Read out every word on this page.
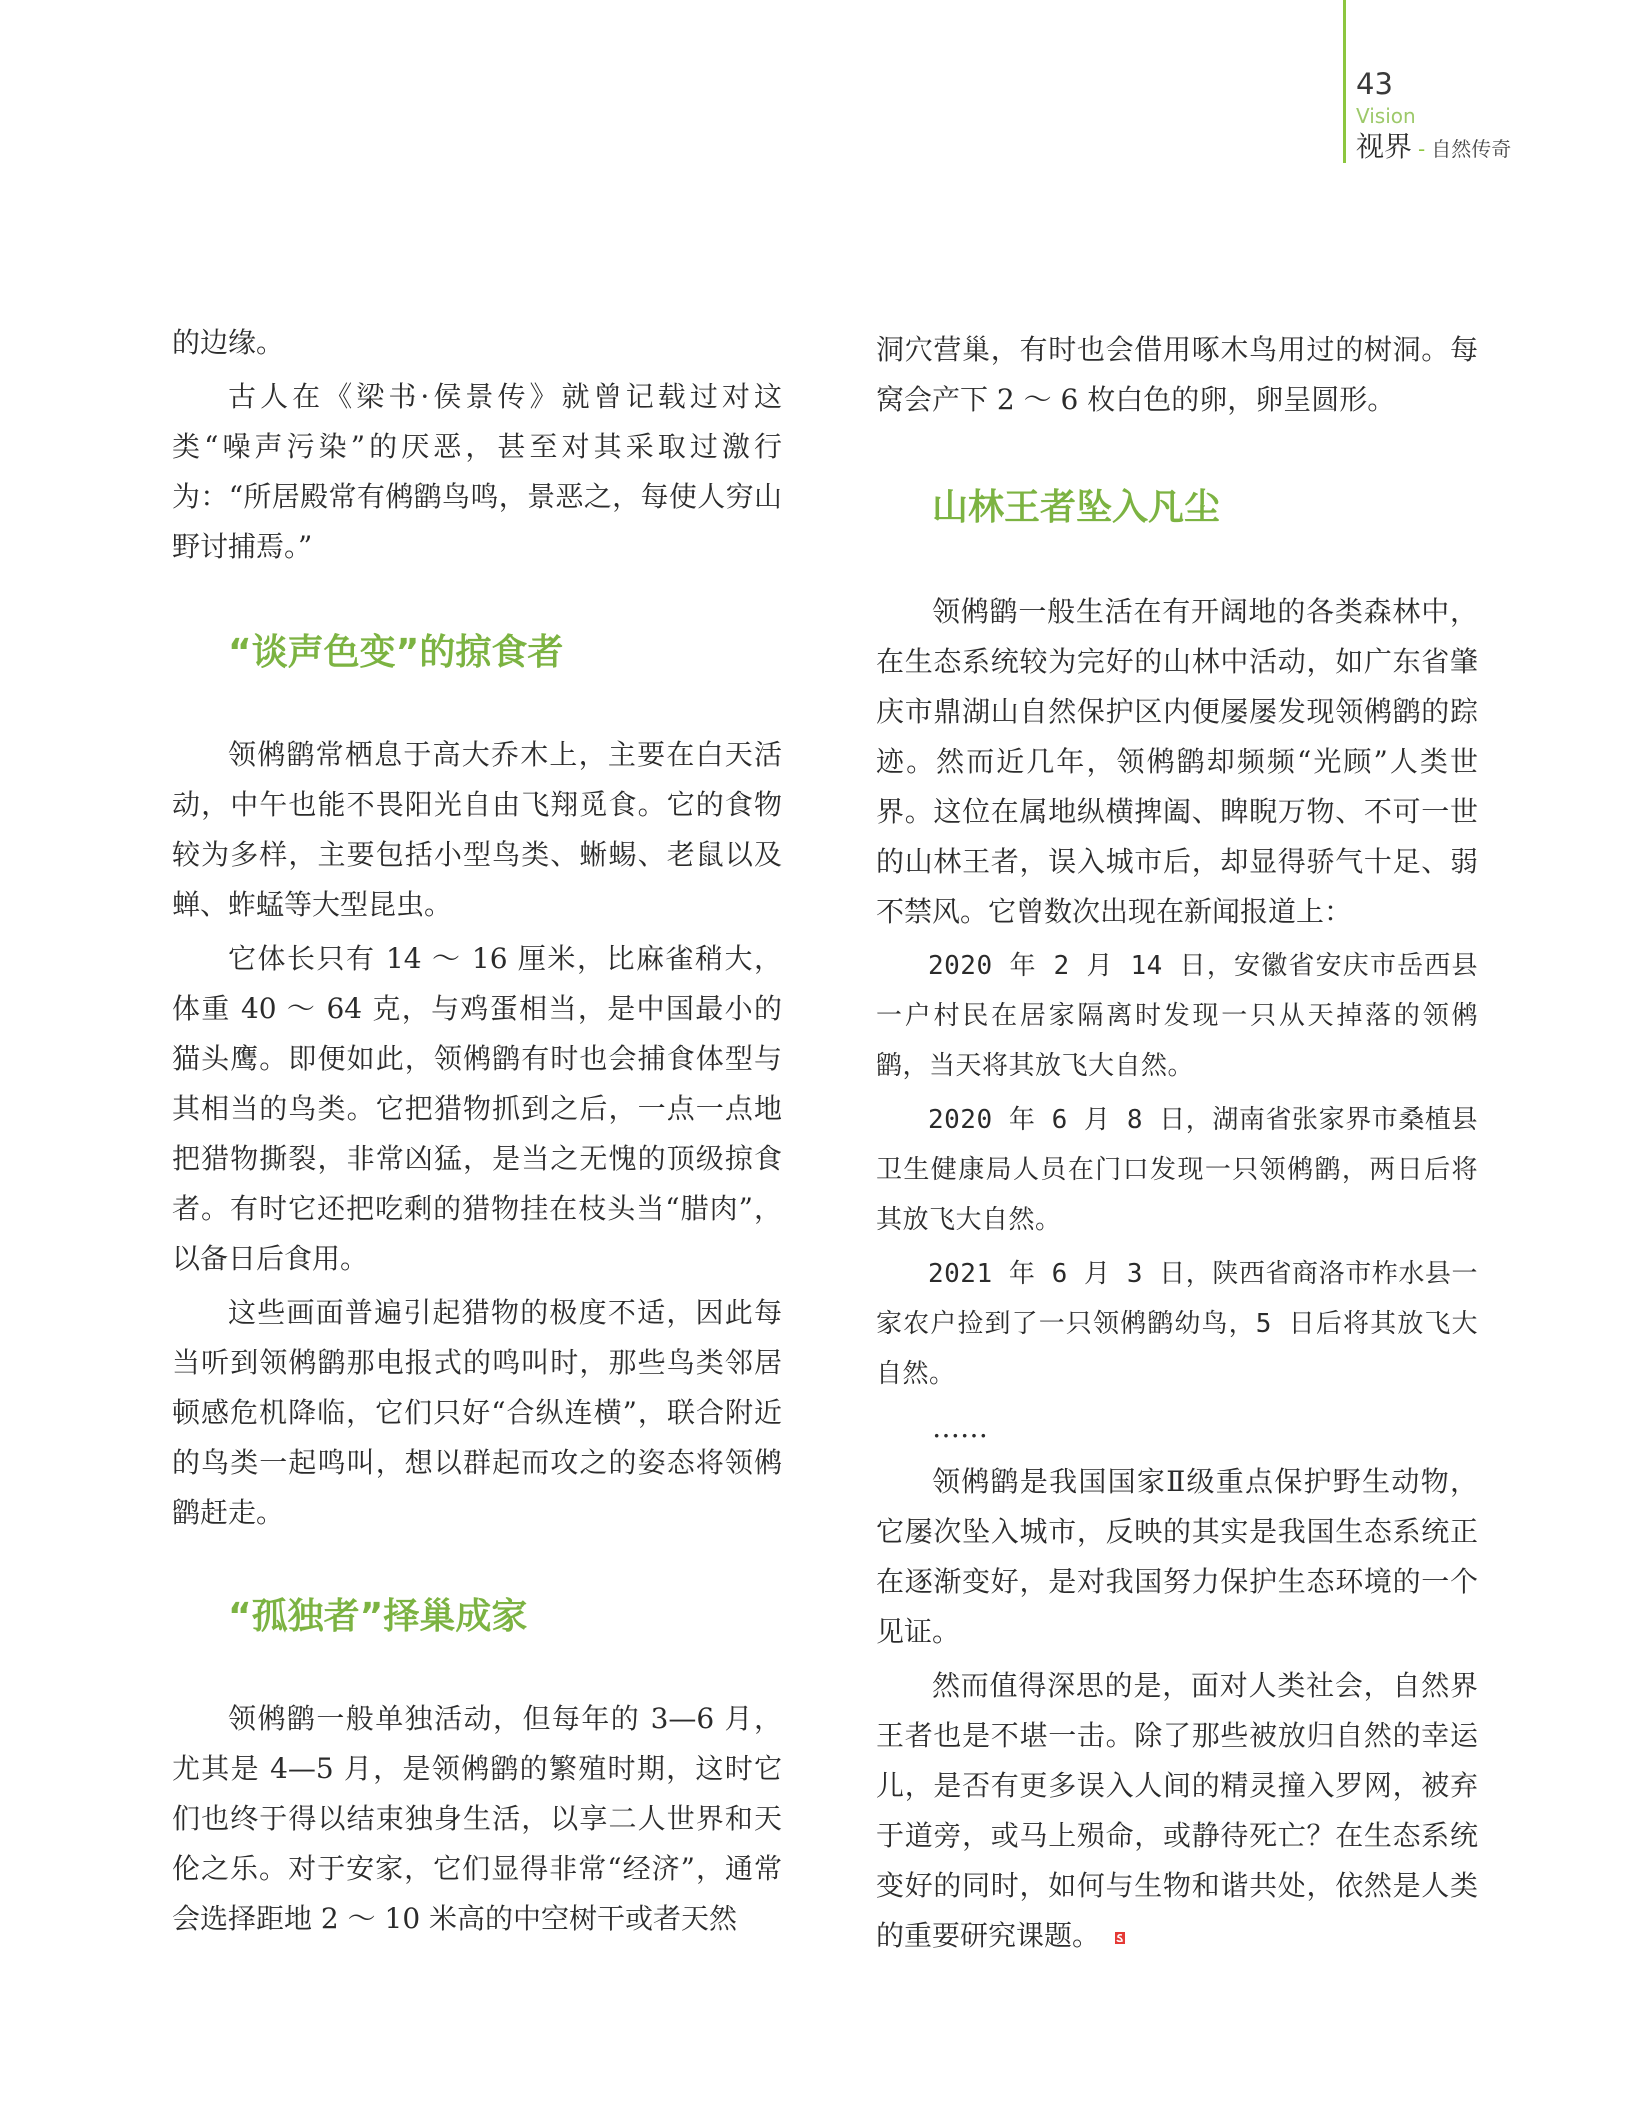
43
Vision
视界 - 自然传奇

的边缘。

古人在《梁书·侯景传》就曾记载过对这类“噪声污染”的厌恶，甚至对其采取过激行为：“所居殿常有鸺鹠鸟鸣，景恶之，每使人穷山野讨捕焉。”

“谈声色变”的掠食者

领鸺鹠常栖息于高大乔木上，主要在白天活动，中午也能不畏阳光自由飞翔觅食。它的食物较为多样，主要包括小型鸟类、蜥蜴、老鼠以及蝉、蚱蜢等大型昆虫。

它体长只有 14 ～ 16 厘米，比麻雀稍大，体重 40 ～ 64 克，与鸡蛋相当，是中国最小的猫头鹰。即便如此，领鸺鹠有时也会捕食体型与其相当的鸟类。它把猎物抓到之后，一点一点地把猎物撕裂，非常凶猛，是当之无愧的顶级掠食者。有时它还把吃剩的猎物挂在枝头当“腊肉”，以备日后食用。

这些画面普遍引起猎物的极度不适，因此每当听到领鸺鹠那电报式的鸣叫时，那些鸟类邻居顿感危机降临，它们只好“合纵连横”，联合附近的鸟类一起鸣叫，想以群起而攻之的姿态将领鸺鹠赶走。

“孤独者”择巢成家

领鸺鹠一般单独活动，但每年的 3—6 月，尤其是 4—5 月，是领鸺鹠的繁殖时期，这时它们也终于得以结束独身生活，以享二人世界和天伦之乐。对于安家，它们显得非常“经济”，通常会选择距地 2 ～ 10 米高的中空树干或者天然

洞穴营巢，有时也会借用啄木鸟用过的树洞。每窝会产下 2 ～ 6 枚白色的卵，卵呈圆形。

山林王者坠入凡尘

领鸺鹠一般生活在有开阔地的各类森林中，在生态系统较为完好的山林中活动，如广东省肇庆市鼎湖山自然保护区内便屡屡发现领鸺鹠的踪迹。然而近几年，领鸺鹠却频频“光顾”人类世界。这位在属地纵横捭阖、睥睨万物、不可一世的山林王者，误入城市后，却显得骄气十足、弱不禁风。它曾数次出现在新闻报道上：

2020 年 2 月 14 日，安徽省安庆市岳西县一户村民在居家隔离时发现一只从天掉落的领鸺鹠，当天将其放飞大自然。

2020 年 6 月 8 日，湖南省张家界市桑植县卫生健康局人员在门口发现一只领鸺鹠，两日后将其放飞大自然。

2021 年 6 月 3 日，陕西省商洛市柞水县一家农户捡到了一只领鸺鹠幼鸟，5 日后将其放飞大自然。

……

领鸺鹠是我国国家Ⅱ级重点保护野生动物，它屡次坠入城市，反映的其实是我国生态系统正在逐渐变好，是对我国努力保护生态环境的一个见证。

然而值得深思的是，面对人类社会，自然界王者也是不堪一击。除了那些被放归自然的幸运儿，是否有更多误入人间的精灵撞入罗网，被弃于道旁，或马上殒命，或静待死亡？在生态系统变好的同时，如何与生物和谐共处，依然是人类的重要研究课题。
